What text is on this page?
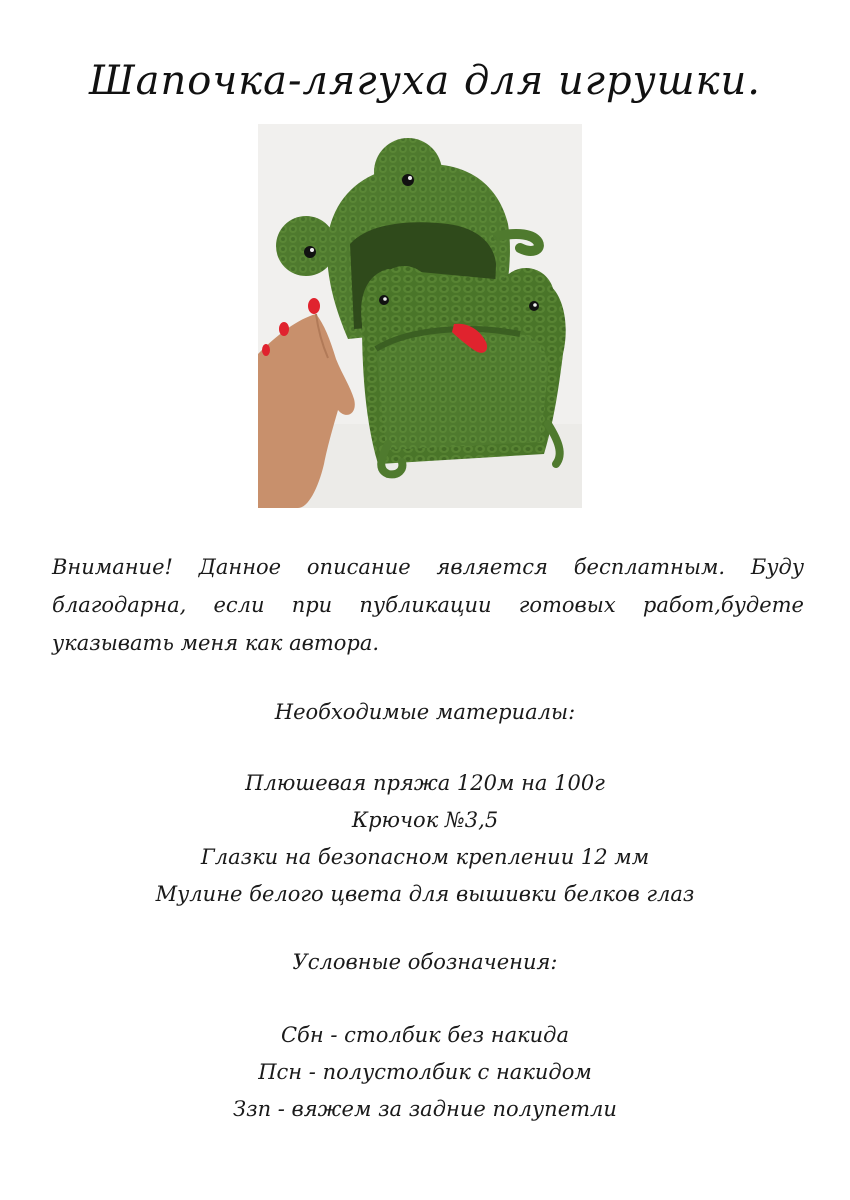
Шапочка-лягуха для игрушки.

Внимание! Данное описание является бесплатным. Буду благодарна, если при публикации готовых работ,будете указывать меня как автора.

Необходимые материалы:

Плюшевая пряжа 120м на 100г
Крючок №3,5
Глазки на безопасном креплении 12 мм
Мулине белого цвета для вышивки белков глаз

Условные обозначения:

Сбн - столбик без накида
Псн - полустолбик с накидом
Ззп - вяжем за задние полупетли
